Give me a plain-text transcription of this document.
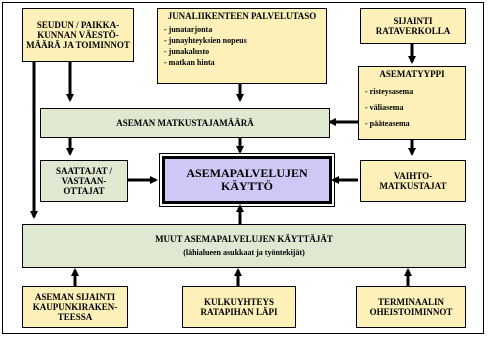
SEUDUN / PAIKKA-
KUNNAN VÄESTÖ-
MÄÄRÄ JA TOIMINNOT
JUNALIIKENTEEN PALVELUTASO
- junatarjonta
- junayhteyksien nopeus
- junakalusto
- matkan hinta
SIJAINTI
RATAVERKOLLA
ASEMATYYPPI
- risteysasema
- väliasema
- pääteasema
ASEMAN MATKUSTAJAMÄÄRÄ
SAATTAJAT /
VASTAAN-
OTTAJAT
ASEMAPALVELUJEN
KÄYTTÖ
VAIHTO-
MATKUSTAJAT
MUUT ASEMAPALVELUJEN KÄYTTÄJÄT
(lähialueen asukkaat ja työntekijät)
ASEMAN SIJAINTI
KAUPUNKIRAKEN-
TEESSA
KULKUYHTEYS
RATAPIHAN LÄPI
TERMINAALIN
OHEISTOIMINNOT
